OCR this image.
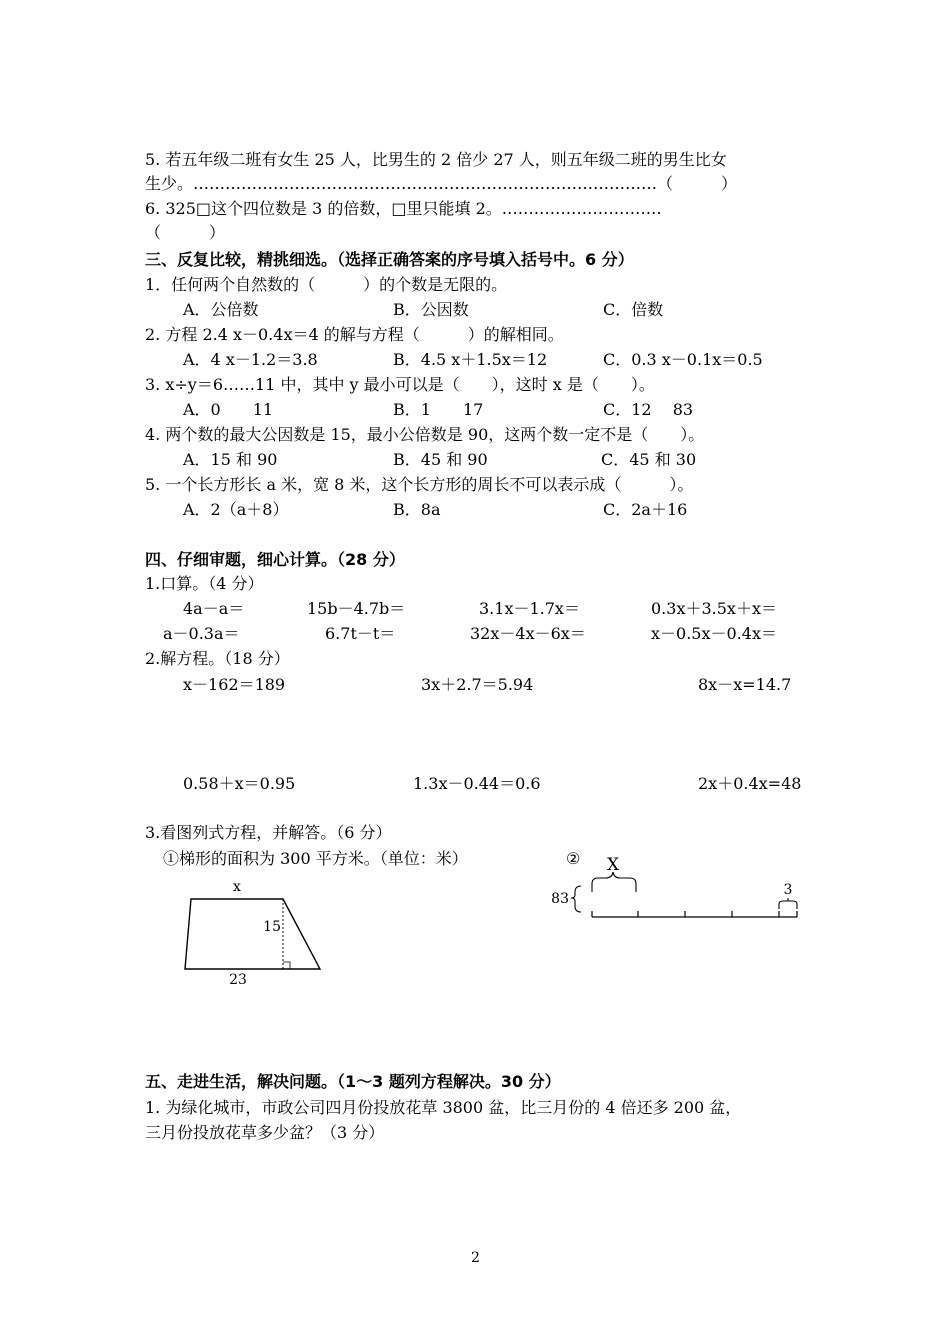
5. 若五年级二班有女生 25 人，比男生的 2 倍少 27 人，则五年级二班的男生比女
生少。……………………………………………………………………………（　　　）
6. 325□这个四位数是 3 的倍数，□里只能填 2。…………………………
（　　　）
三、反复比较，精挑细选。（选择正确答案的序号填入括号中。6 分）
1．任何两个自然数的（　　　）的个数是无限的。
A．公倍数	B．公因数	C．倍数
2. 方程 2.4 x－0.4x＝4 的解与方程（　　　）的解相同。
A．4 x－1.2＝3.8	B．4.5 x＋1.5x＝12	C．0.3 x－0.1x＝0.5
3. x÷y＝6……11 中，其中 y 最小可以是（　　），这时 x 是（　　）。
A．0　　11	B．1　　17	C．12　 83
4. 两个数的最大公因数是 15，最小公倍数是 90，这两个数一定不是（　　）。
A．15 和 90	B．45 和 90	C．45 和 30
5. 一个长方形长 a 米，宽 8 米，这个长方形的周长不可以表示成（　　　）。
A．2（a＋8）	B．8a	C．2a＋16
四、仔细审题，细心计算。（28 分）
1.口算。（4 分）
4a－a＝	15b－4.7b＝	3.1x－1.7x＝	0.3x＋3.5x＋x＝
a－0.3a＝	6.7t－t＝	32x－4x－6x＝	x－0.5x－0.4x＝
2.解方程。（18 分）
x－162＝189	3x＋2.7＝5.94	8x－x=14.7
0.58＋x＝0.95	1.3x－0.44＝0.6	2x＋0.4x=48
3.看图列式方程，并解答。（6 分）
①梯形的面积为 300 平方米。（单位：米）	②
x
15
23
X
83
3
五、走进生活，解决问题。（1～3 题列方程解决。30 分）
1. 为绿化城市，市政公司四月份投放花草 3800 盆，比三月份的 4 倍还多 200 盆，
三月份投放花草多少盆？（3 分）
2
